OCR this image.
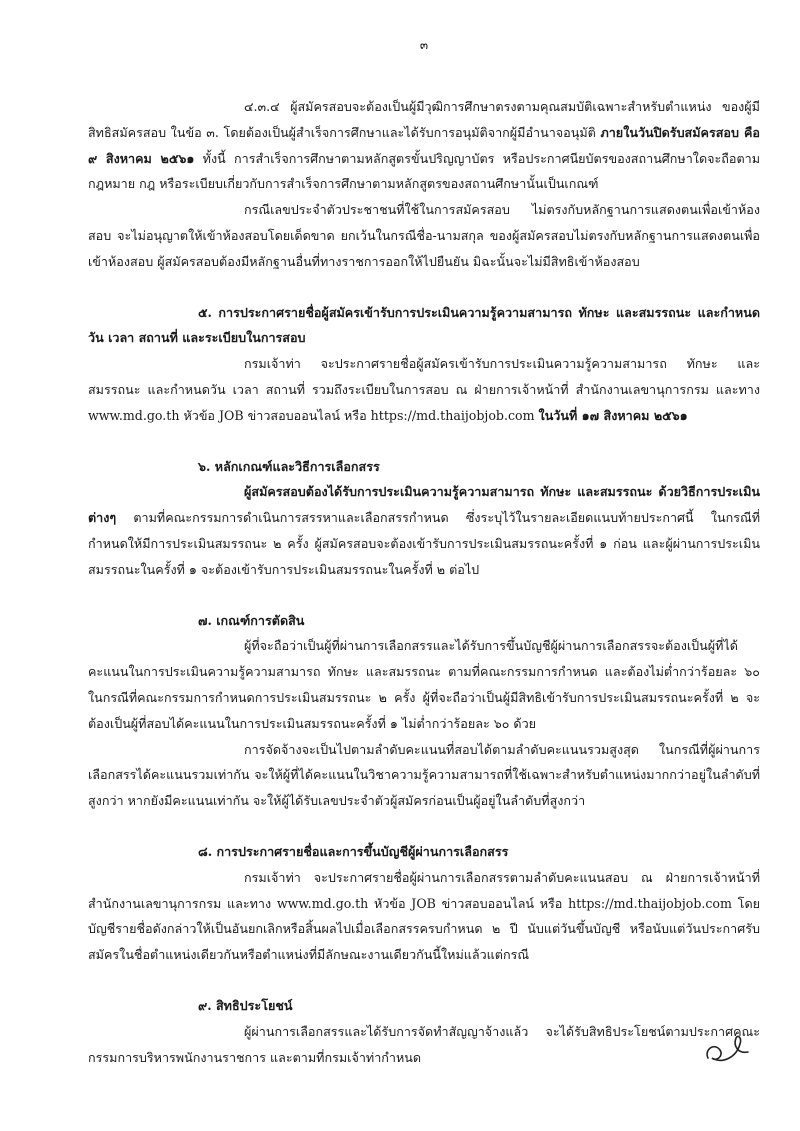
๓

๔.๓.๔ ผู้สมัครสอบจะต้องเป็นผู้มีวุฒิการศึกษาตรงตามคุณสมบัติเฉพาะสำหรับตำแหน่ง ของผู้มีสิทธิสมัครสอบ ในข้อ ๓. โดยต้องเป็นผู้สำเร็จการศึกษาและได้รับการอนุมัติจากผู้มีอำนาจอนุมัติ ภายในวันปิดรับสมัครสอบ คือ ๙ สิงหาคม ๒๕๖๑ ทั้งนี้ การสำเร็จการศึกษาตามหลักสูตรขั้นปริญญาบัตร หรือประกาศนียบัตรของสถานศึกษาใดจะถือตามกฎหมาย กฎ หรือระเบียบเกี่ยวกับการสำเร็จการศึกษาตามหลักสูตรของสถานศึกษานั้นเป็นเกณฑ์

กรณีเลขประจำตัวประชาชนที่ใช้ในการสมัครสอบ ไม่ตรงกับหลักฐานการแสดงตนเพื่อเข้าห้องสอบ จะไม่อนุญาตให้เข้าห้องสอบโดยเด็ดขาด ยกเว้นในกรณีชื่อ-นามสกุล ของผู้สมัครสอบไม่ตรงกับหลักฐานการแสดงตนเพื่อเข้าห้องสอบ ผู้สมัครสอบต้องมีหลักฐานอื่นที่ทางราชการออกให้ไปยืนยัน มิฉะนั้นจะไม่มีสิทธิเข้าห้องสอบ

๕. การประกาศรายชื่อผู้สมัครเข้ารับการประเมินความรู้ความสามารถ ทักษะ และสมรรถนะ และกำหนดวัน เวลา สถานที่ และระเบียบในการสอบ

กรมเจ้าท่า จะประกาศรายชื่อผู้สมัครเข้ารับการประเมินความรู้ความสามารถ ทักษะ และสมรรถนะ และกำหนดวัน เวลา สถานที่ รวมถึงระเบียบในการสอบ ณ ฝ่ายการเจ้าหน้าที่ สำนักงานเลขานุการกรม และทาง www.md.go.th หัวข้อ JOB ข่าวสอบออนไลน์ หรือ https://md.thaijobjob.com ในวันที่ ๑๗ สิงหาคม ๒๕๖๑

๖. หลักเกณฑ์และวิธีการเลือกสรร

ผู้สมัครสอบต้องได้รับการประเมินความรู้ความสามารถ ทักษะ และสมรรถนะ ด้วยวิธีการประเมินต่างๆ ตามที่คณะกรรมการดำเนินการสรรหาและเลือกสรรกำหนด ซึ่งระบุไว้ในรายละเอียดแนบท้ายประกาศนี้ ในกรณีที่กำหนดให้มีการประเมินสมรรถนะ ๒ ครั้ง ผู้สมัครสอบจะต้องเข้ารับการประเมินสมรรถนะครั้งที่ ๑ ก่อน และผู้ผ่านการประเมินสมรรถนะในครั้งที่ ๑ จะต้องเข้ารับการประเมินสมรรถนะในครั้งที่ ๒ ต่อไป

๗. เกณฑ์การตัดสิน

ผู้ที่จะถือว่าเป็นผู้ที่ผ่านการเลือกสรรและได้รับการขึ้นบัญชีผู้ผ่านการเลือกสรรจะต้องเป็นผู้ที่ได้คะแนนในการประเมินความรู้ความสามารถ ทักษะ และสมรรถนะ ตามที่คณะกรรมการกำหนด และต้องไม่ต่ำกว่าร้อยละ ๖๐ ในกรณีที่คณะกรรมการกำหนดการประเมินสมรรถนะ ๒ ครั้ง ผู้ที่จะถือว่าเป็นผู้มีสิทธิเข้ารับการประเมินสมรรถนะครั้งที่ ๒ จะต้องเป็นผู้ที่สอบได้คะแนนในการประเมินสมรรถนะครั้งที่ ๑ ไม่ต่ำกว่าร้อยละ ๖๐ ด้วย

การจัดจ้างจะเป็นไปตามลำดับคะแนนที่สอบได้ตามลำดับคะแนนรวมสูงสุด ในกรณีที่ผู้ผ่านการเลือกสรรได้คะแนนรวมเท่ากัน จะให้ผู้ที่ได้คะแนนในวิชาความรู้ความสามารถที่ใช้เฉพาะสำหรับตำแหน่งมากกว่าอยู่ในลำดับที่สูงกว่า หากยังมีคะแนนเท่ากัน จะให้ผู้ได้รับเลขประจำตัวผู้สมัครก่อนเป็นผู้อยู่ในลำดับที่สูงกว่า

๘. การประกาศรายชื่อและการขึ้นบัญชีผู้ผ่านการเลือกสรร

กรมเจ้าท่า จะประกาศรายชื่อผู้ผ่านการเลือกสรรตามลำดับคะแนนสอบ ณ ฝ่ายการเจ้าหน้าที่ สำนักงานเลขานุการกรม และทาง www.md.go.th หัวข้อ JOB ข่าวสอบออนไลน์ หรือ https://md.thaijobjob.com โดยบัญชีรายชื่อดังกล่าวให้เป็นอันยกเลิกหรือสิ้นผลไปเมื่อเลือกสรรครบกำหนด ๒ ปี นับแต่วันขึ้นบัญชี หรือนับแต่วันประกาศรับสมัครในชื่อตำแหน่งเดียวกันหรือตำแหน่งที่มีลักษณะงานเดียวกันนี้ใหม่แล้วแต่กรณี

๙. สิทธิประโยชน์

ผู้ผ่านการเลือกสรรและได้รับการจัดทำสัญญาจ้างแล้ว จะได้รับสิทธิประโยชน์ตามประกาศคณะกรรมการบริหารพนักงานราชการ และตามที่กรมเจ้าท่ากำหนด
